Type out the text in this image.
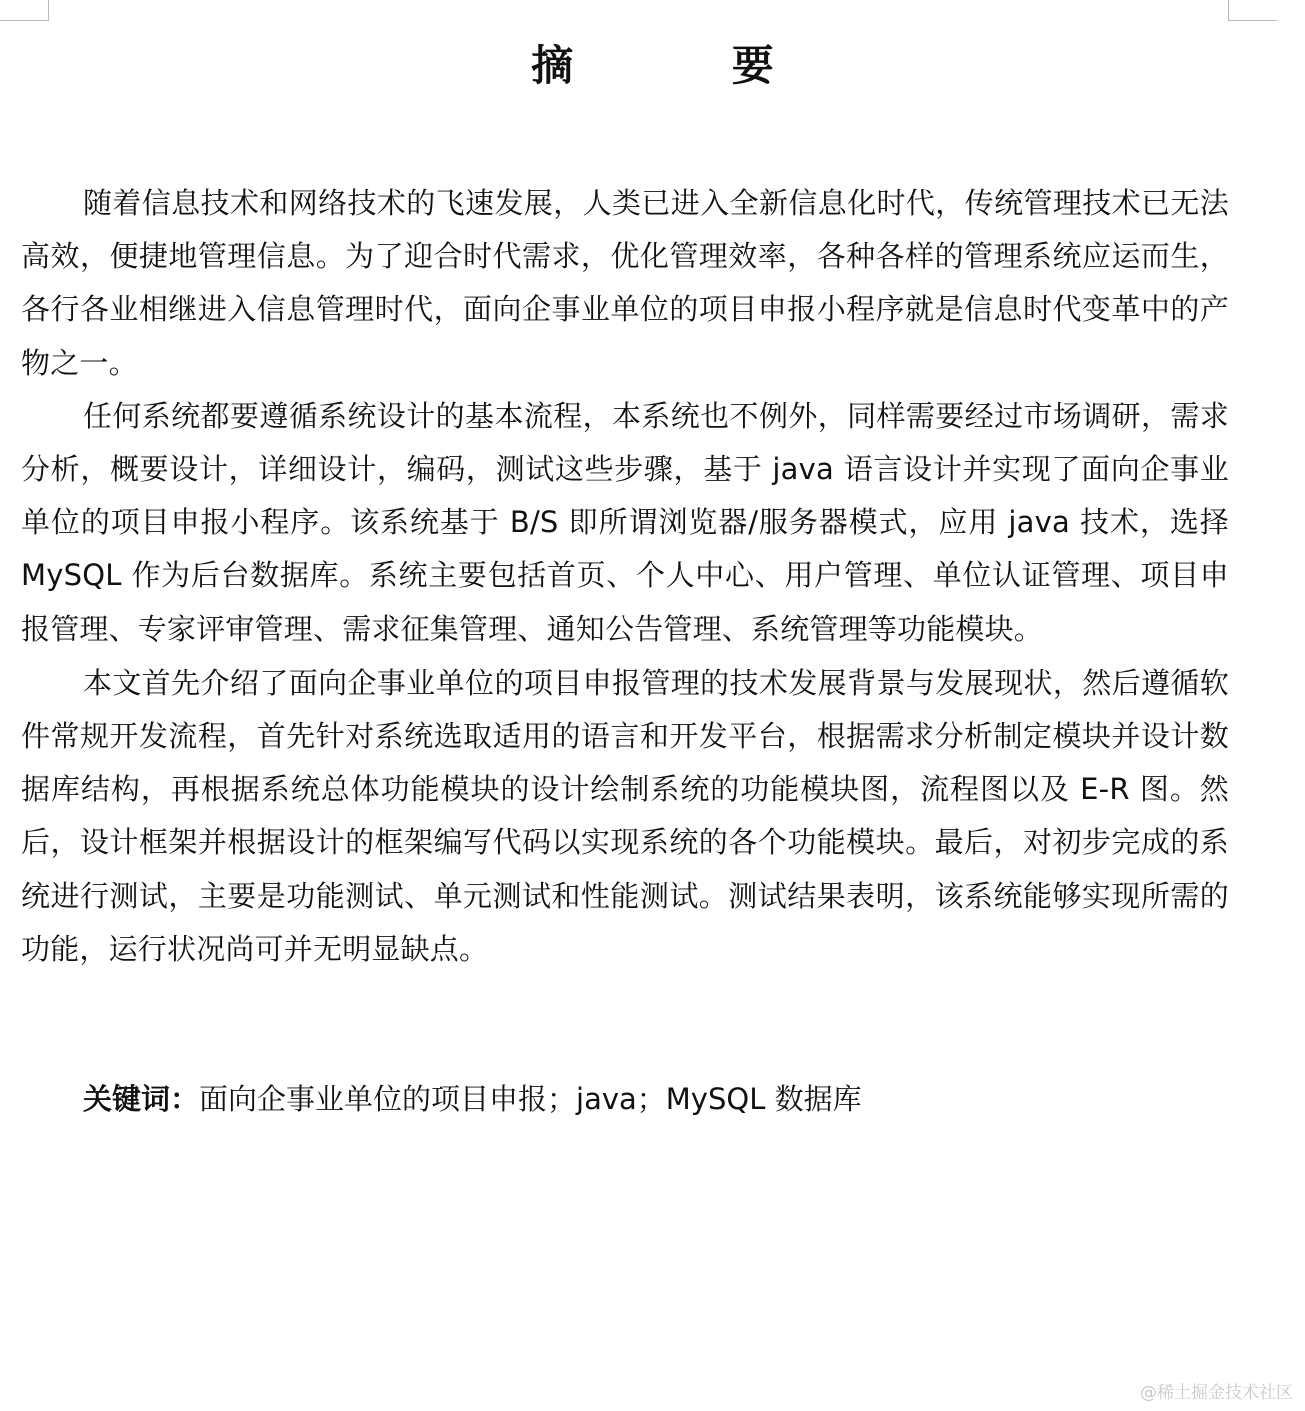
摘 要

随着信息技术和网络技术的飞速发展，人类已进入全新信息化时代，传统管理技术已无法高效，便捷地管理信息。为了迎合时代需求，优化管理效率，各种各样的管理系统应运而生，各行各业相继进入信息管理时代，面向企事业单位的项目申报小程序就是信息时代变革中的产物之一。

任何系统都要遵循系统设计的基本流程，本系统也不例外，同样需要经过市场调研，需求分析，概要设计，详细设计，编码，测试这些步骤，基于 java 语言设计并实现了面向企事业单位的项目申报小程序。该系统基于 B/S 即所谓浏览器/服务器模式，应用 java 技术，选择 MySQL 作为后台数据库。系统主要包括首页、个人中心、用户管理、单位认证管理、项目申报管理、专家评审管理、需求征集管理、通知公告管理、系统管理等功能模块。

本文首先介绍了面向企事业单位的项目申报管理的技术发展背景与发展现状，然后遵循软件常规开发流程，首先针对系统选取适用的语言和开发平台，根据需求分析制定模块并设计数据库结构，再根据系统总体功能模块的设计绘制系统的功能模块图，流程图以及 E-R 图。然后，设计框架并根据设计的框架编写代码以实现系统的各个功能模块。最后，对初步完成的系统进行测试，主要是功能测试、单元测试和性能测试。测试结果表明，该系统能够实现所需的功能，运行状况尚可并无明显缺点。

关键词：面向企事业单位的项目申报；java；MySQL 数据库
@稀土掘金技术社区
